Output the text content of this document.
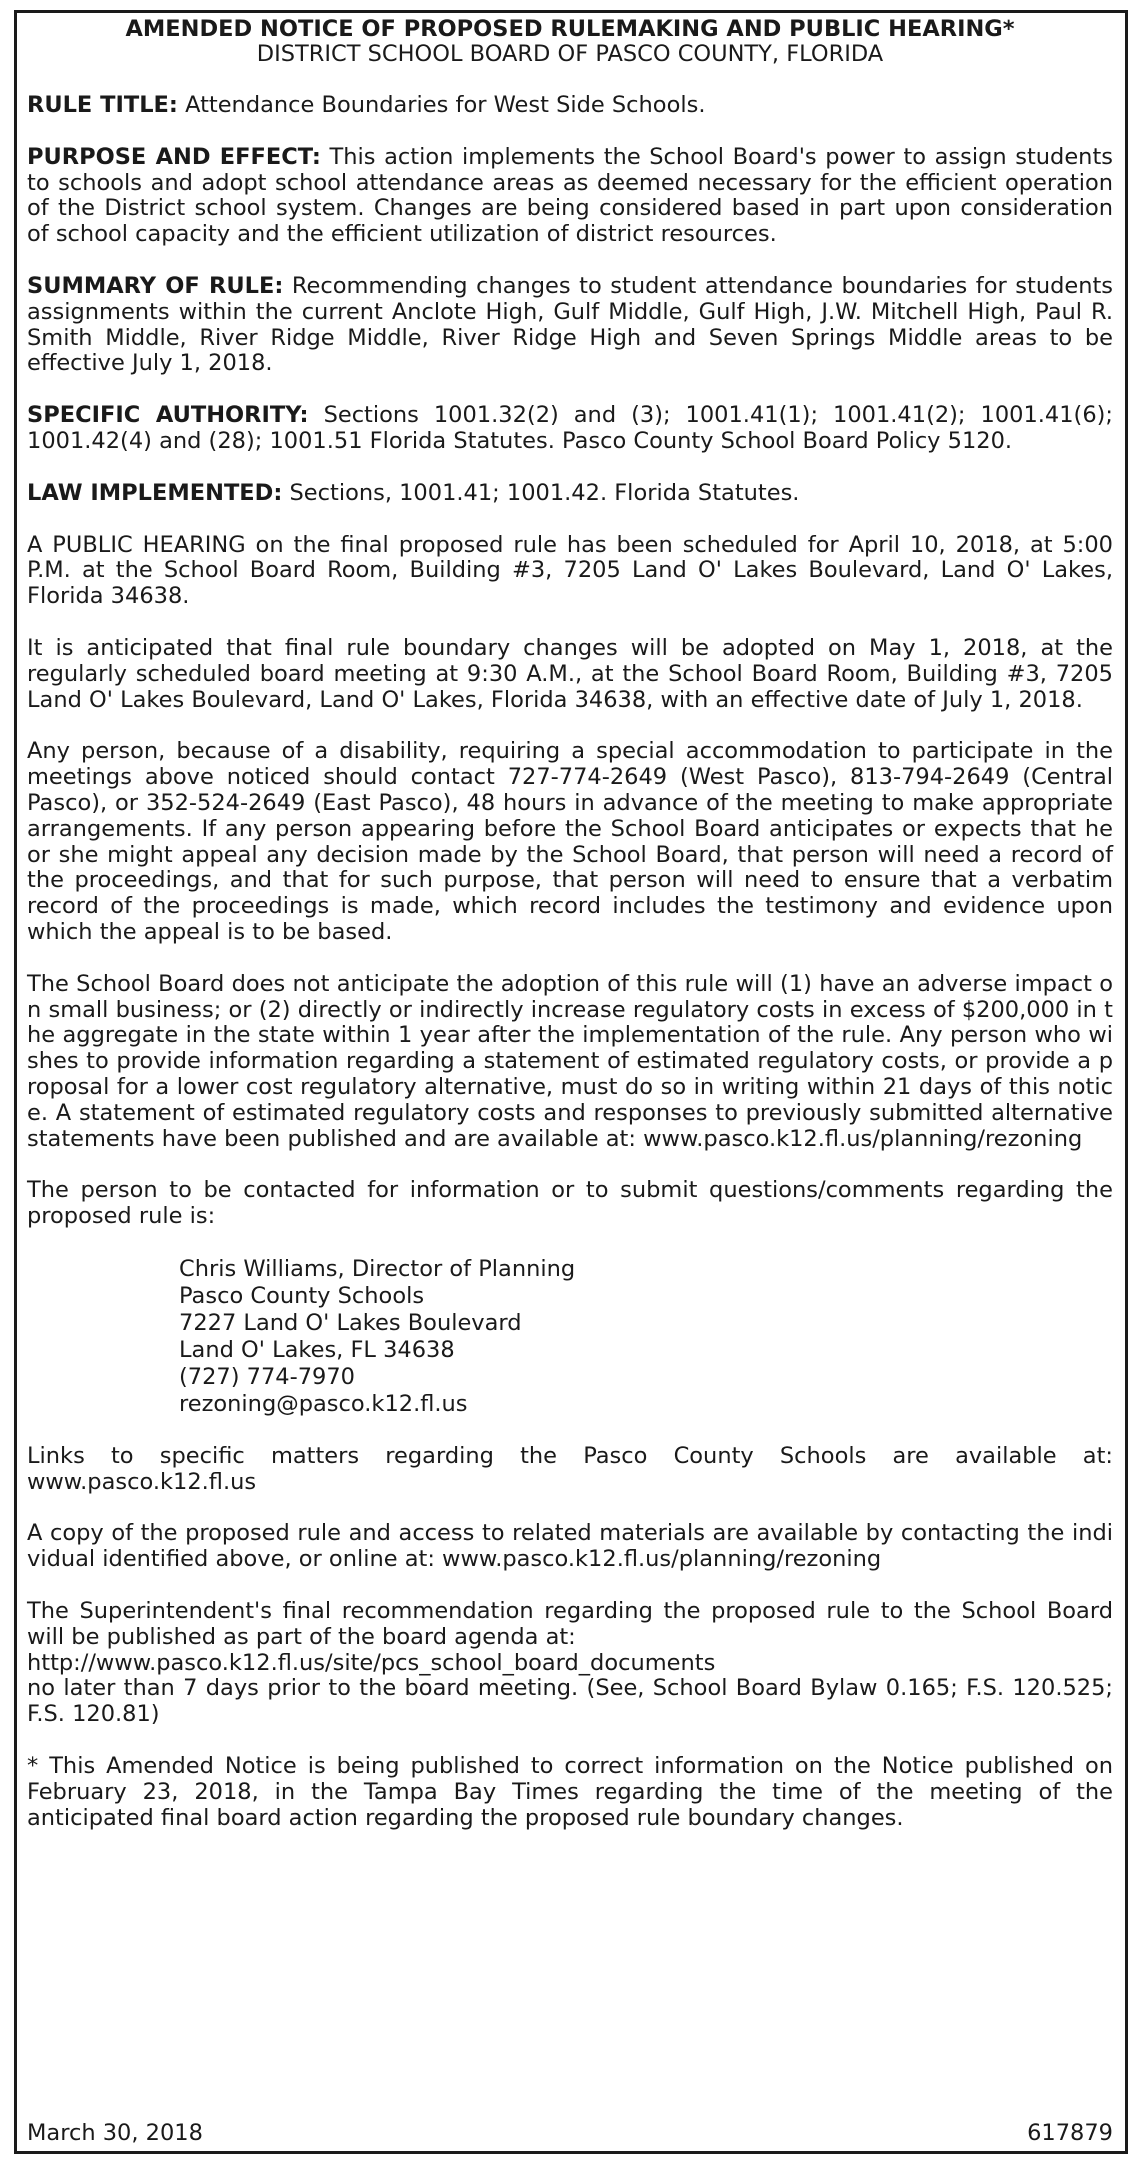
AMENDED NOTICE OF PROPOSED RULEMAKING AND PUBLIC HEARING*
DISTRICT SCHOOL BOARD OF PASCO COUNTY, FLORIDA

RULE TITLE: Attendance Boundaries for West Side Schools.

PURPOSE AND EFFECT: This action implements the School Board's power to assign students to schools and adopt school attendance areas as deemed necessary for the efficient operation of the District school system. Changes are being considered based in part upon consideration of school capacity and the efficient utilization of district resources.

SUMMARY OF RULE: Recommending changes to student attendance boundaries for students assignments within the current Anclote High, Gulf Middle, Gulf High, J.W. Mitchell High, Paul R. Smith Middle, River Ridge Middle, River Ridge High and Seven Springs Middle areas to be effective July 1, 2018.

SPECIFIC AUTHORITY: Sections 1001.32(2) and (3); 1001.41(1); 1001.41(2); 1001.41(6); 1001.42(4) and (28); 1001.51 Florida Statutes. Pasco County School Board Policy 5120.

LAW IMPLEMENTED: Sections, 1001.41; 1001.42. Florida Statutes.

A PUBLIC HEARING on the final proposed rule has been scheduled for April 10, 2018, at 5:00 P.M. at the School Board Room, Building #3, 7205 Land O' Lakes Boulevard, Land O' Lakes, Florida 34638.

It is anticipated that final rule boundary changes will be adopted on May 1, 2018, at the regularly scheduled board meeting at 9:30 A.M., at the School Board Room, Building #3, 7205 Land O' Lakes Boulevard, Land O' Lakes, Florida 34638, with an effective date of July 1, 2018.

Any person, because of a disability, requiring a special accommodation to participate in the meetings above noticed should contact 727-774-2649 (West Pasco), 813-794-2649 (Central Pasco), or 352-524-2649 (East Pasco), 48 hours in advance of the meeting to make appropriate arrangements. If any person appearing before the School Board anticipates or expects that he or she might appeal any decision made by the School Board, that person will need a record of the proceedings, and that for such purpose, that person will need to ensure that a verbatim record of the proceedings is made, which record includes the testimony and evidence upon which the appeal is to be based.

The School Board does not anticipate the adoption of this rule will (1) have an adverse impact on small business; or (2) directly or indirectly increase regulatory costs in excess of $200,000 in the aggregate in the state within 1 year after the implementation of the rule. Any person who wishes to provide information regarding a statement of estimated regulatory costs, or provide a proposal for a lower cost regulatory alternative, must do so in writing within 21 days of this notice. A statement of estimated regulatory costs and responses to previously submitted alternative statements have been published and are available at: www.pasco.k12.fl.us/planning/rezoning

The person to be contacted for information or to submit questions/comments regarding the proposed rule is:

Chris Williams, Director of Planning
Pasco County Schools
7227 Land O' Lakes Boulevard
Land O' Lakes, FL 34638
(727) 774-7970
rezoning@pasco.k12.fl.us

Links to specific matters regarding the Pasco County Schools are available at: www.pasco.k12.fl.us

A copy of the proposed rule and access to related materials are available by contacting the individual identified above, or online at: www.pasco.k12.fl.us/planning/rezoning

The Superintendent's final recommendation regarding the proposed rule to the School Board will be published as part of the board agenda at:
http://www.pasco.k12.fl.us/site/pcs_school_board_documents
no later than 7 days prior to the board meeting. (See, School Board Bylaw 0.165; F.S. 120.525; F.S. 120.81)

* This Amended Notice is being published to correct information on the Notice published on February 23, 2018, in the Tampa Bay Times regarding the time of the meeting of the anticipated final board action regarding the proposed rule boundary changes.

March 30, 2018	617879
